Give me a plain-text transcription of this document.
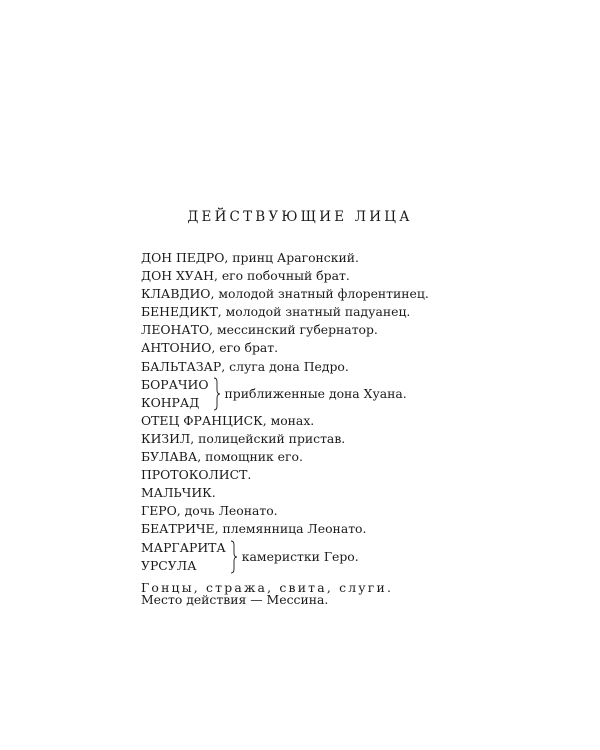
ДЕЙСТВУЮЩИЕ ЛИЦА
ДОН ПЕДРО, принц Арагонский.
ДОН ХУАН, его побочный брат.
КЛАВДИО, молодой знатный флорентинец.
БЕНЕДИКТ, молодой знатный падуанец.
ЛЕОНАТО, мессинский губернатор.
АНТОНИО, его брат.
БАЛЬТАЗАР, слуга дона Педро.
БОРАЧИО
КОНРАД
приближенные дона Хуана.
ОТЕЦ ФРАНЦИСК, монах.
КИЗИЛ, полицейский пристав.
БУЛАВА, помощник его.
ПРОТОКОЛИСТ.
МАЛЬЧИК.
ГЕРО, дочь Леонато.
БЕАТРИЧЕ, племянница Леонато.
МАРГАРИТА
УРСУЛА
камеристки Геро.
Гонцы, стража, свита, слуги.
Место действия — Мессина.
